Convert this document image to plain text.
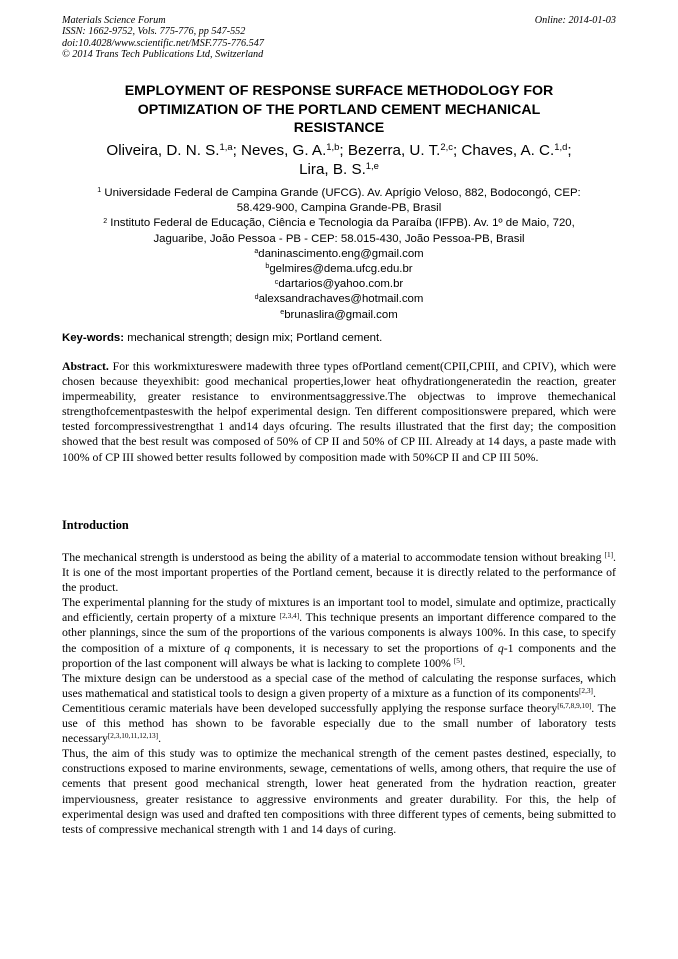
Materials Science Forum
ISSN: 1662-9752, Vols. 775-776, pp 547-552
doi:10.4028/www.scientific.net/MSF.775-776.547
© 2014 Trans Tech Publications Ltd, Switzerland
Online: 2014-01-03
EMPLOYMENT OF RESPONSE SURFACE METHODOLOGY FOR
OPTIMIZATION OF THE PORTLAND CEMENT MECHANICAL
RESISTANCE
Oliveira, D. N. S.$^{1,a}$; Neves, G. A.$^{1,b}$; Bezerra, U. T.$^{2,c}$; Chaves, A. C.$^{1,d}$;
Lira, B. S.$^{1,e}$
$^1$ Universidade Federal de Campina Grande (UFCG). Av. Aprígio Veloso, 882, Bodocongó, CEP:
58.429-900, Campina Grande-PB, Brasil
$^2$ Instituto Federal de Educação, Ciência e Tecnologia da Paraíba (IFPB). Av. 1º de Maio, 720,
Jaguaribe, João Pessoa - PB - CEP: 58.015-430, João Pessoa-PB, Brasil
$^a$daninascimento.eng@gmail.com
$^b$gelmires@dema.ufcg.edu.br
$^c$dartarios@yahoo.com.br
$^d$alexsandrachaves@hotmail.com
$^e$brunaslira@gmail.com
Key-words: mechanical strength; design mix; Portland cement.

Abstract. For this workmixtureswere madewith three types ofPortland cement(CPII,CPIII, and CPIV), which were chosen because theyexhibit: good mechanical properties,lower heat ofhydrationgeneratedin the reaction, greater impermeability, greater resistance to environmentsaggressive.The objectwas to improve themechanical strengthofcementpasteswith the helpof experimental design. Ten different compositionswere prepared, which were tested forcompressivestrengthat 1 and14 days ofcuring. The results illustrated that the first day; the composition showed that the best result was composed of 50% of CP II and 50% of CP III. Already at 14 days, a paste made with 100% of CP III showed better results followed by composition made with 50%CP II and CP III 50%.

Introduction

The mechanical strength is understood as being the ability of a material to accommodate tension without breaking [1]. It is one of the most important properties of the Portland cement, because it is directly related to the performance of the product.

The experimental planning for the study of mixtures is an important tool to model, simulate and optimize, practically and efficiently, certain property of a mixture [2,3,4]. This technique presents an important difference compared to the other plannings, since the sum of the proportions of the various components is always 100%. In this case, to specify the composition of a mixture of q components, it is necessary to set the proportions of q-1 components and the proportion of the last component will always be what is lacking to complete 100% [5].

The mixture design can be understood as a special case of the method of calculating the response surfaces, which uses mathematical and statistical tools to design a given property of a mixture as a function of its components[2,3].

Cementitious ceramic materials have been developed successfully applying the response surface theory[6,7,8,9,10]. The use of this method has shown to be favorable especially due to the small number of laboratory tests necessary[2,3,10,11,12,13].

Thus, the aim of this study was to optimize the mechanical strength of the cement pastes destined, especially, to constructions exposed to marine environments, sewage, cementations of wells, among others, that require the use of cements that present good mechanical strength, lower heat generated from the hydration reaction, greater imperviousness, greater resistance to aggressive environments and greater durability. For this, the help of experimental design was used and drafted ten compositions with three different types of cements, being submitted to tests of compressive mechanical strength with 1 and 14 days of curing.
